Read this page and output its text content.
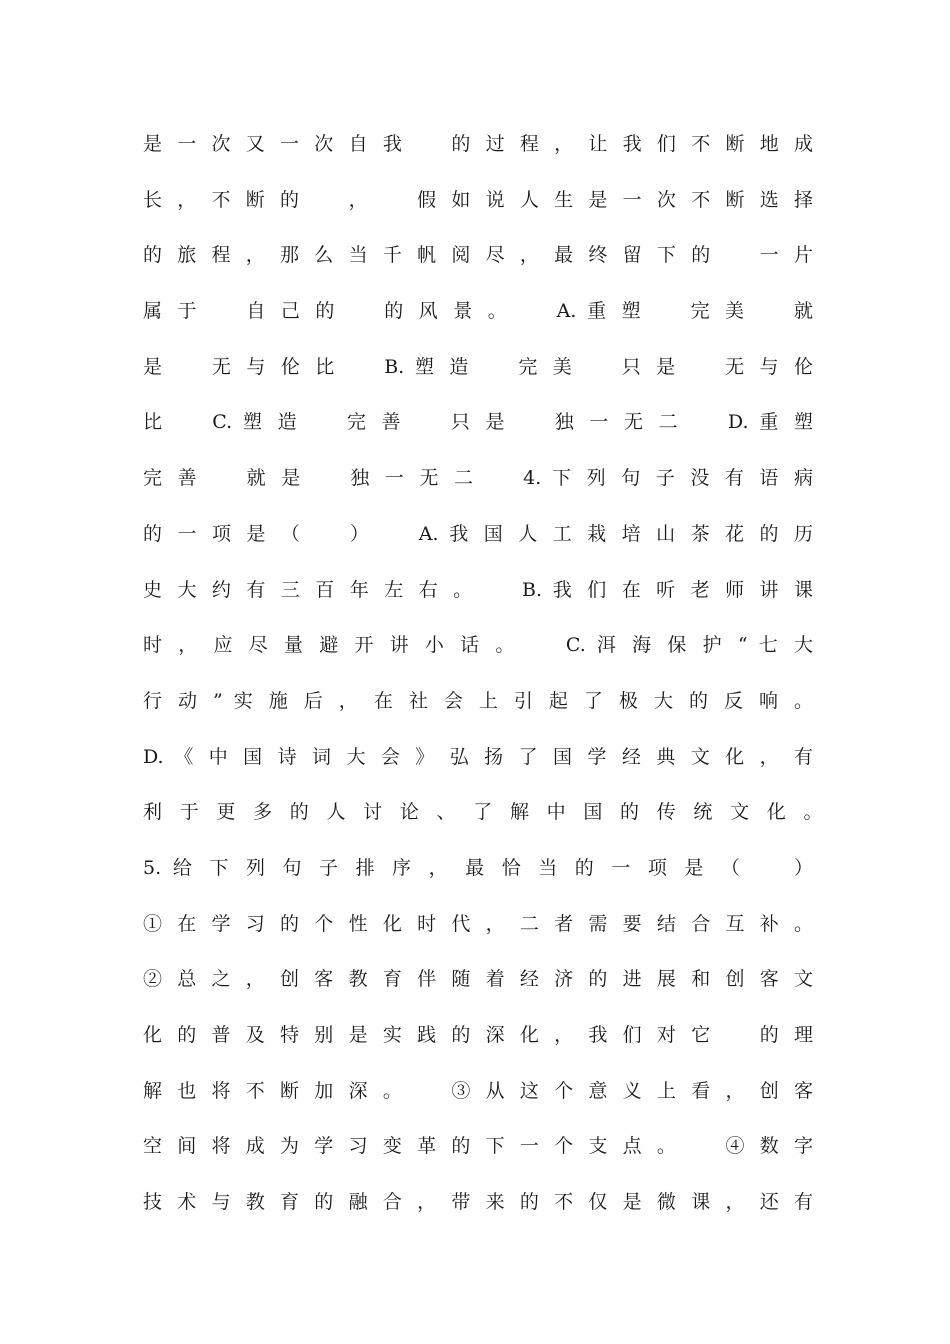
是 一 次 又 一 次 自 我 　 的 过 程 ， 让 我 们 不 断 地 成
长 ， 不 断 的 　 ， 　 假 如 说 人 生 是 一 次 不 断 选 择
的 旅 程 ， 那 么 当 千 帆 阅 尽 ， 最 终 留 下 的 　 一 片
属 于 　 自 己 的 　 的 风 景 。 　 A. 重 塑 　 完 美 　 就
是 　 无 与 伦 比 　 B. 塑 造 　 完 美 　 只 是 　 无 与 伦
比 　 C. 塑 造 　 完 善 　 只 是 　 独 一 无 二 　 D. 重 塑
完 善 　 就 是 　 独 一 无 二 　 4. 下 列 句 子 没 有 语 病
的 一 项 是 （ 　 ） 　 A. 我 国 人 工 栽 培 山 茶 花 的 历
史 大 约 有 三 百 年 左 右 。 　 B. 我 们 在 听 老 师 讲 课
时 ， 应 尽 量 避 开 讲 小 话 。 　 C. 洱 海 保 护 “ 七 大
行 动 ” 实 施 后 ， 在 社 会 上 引 起 了 极 大 的 反 响 。
D. 《 中 国 诗 词 大 会 》 弘 扬 了 国 学 经 典 文 化 ， 有
利 于 更 多 的 人 讨 论 、 了 解 中 国 的 传 统 文 化 。　　　
5. 给 下 列 句 子 排 序 ， 最 恰 当 的 一 项 是 （ 　 ）
① 在 学 习 的 个 性 化 时 代 ， 二 者 需 要 结 合 互 补 。
② 总 之 ， 创 客 教 育 伴 随 着 经 济 的 进 展 和 创 客 文
化 的 普 及 特 别 是 实 践 的 深 化 ， 我 们 对 它 　 的 理
解 也 将 不 断 加 深 。 　 ③ 从 这 个 意 义 上 看 ， 创 客
空 间 将 成 为 学 习 变 革 的 下 一 个 支 点 。 　 ④ 数 字
技 术 与 教 育 的 融 合 ， 带 来 的 不 仅 是 微 课 ， 还 有
